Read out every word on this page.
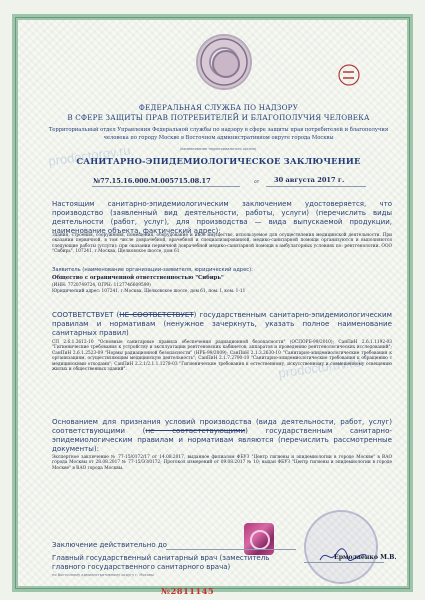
ФЕДЕРАЛЬНАЯ СЛУЖБА ПО НАДЗОРУ
В СФЕРЕ ЗАЩИТЫ ПРАВ ПОТРЕБИТЕЛЕЙ И БЛАГОПОЛУЧИЯ ЧЕЛОВЕКА
Территориальный отдел Управления Федеральной службы по надзору в сфере защиты прав потребителей и благополучия человека по городу Москве в Восточном административном округе города Москвы
(наименование территориального органа)
САНИТАРНО-ЭПИДЕМИОЛОГИЧЕСКОЕ ЗАКЛЮЧЕНИЕ
№77.15.16.000.М.005715.08.17	от 30 августа 2017 г.
prodoctorov.ru
prodoctorov.ru
Настоящим санитарно-эпидемиологическим заключением удостоверяется, что производство (заявленный вид деятельности, работы, услуги) (перечислить виды деятельности (работ, услуг), для производства — вида выпускаемой продукции, наименование объекта, фактический адрес):
Здания, строения, сооружения, помещения, оборудование и иное имущество, используемое для осуществления медицинской деятельности. При оказании первичной, в том числе доврачебной, врачебной и специализированной, медико-санитарной помощи организуются и выполняются следующие работы (услуги): при оказании первичной доврачебной медико-санитарной помощи в амбулаторных условиях по: рентгенологии. ООО "Сибирь", 107241, г.Москва, Щелковское шоссе, дом 61
Заявитель (наименование организации-заявителя, юридический адрес):
Общество с ограниченной ответственностью "Сибирь"
(ИНН: 7720749724, ОГРН: 1127746609599)
Юридический адрес: 107241, г.Москва, Щелковское шоссе, дом 61, пом. I, ком. 1-11
СООТВЕТСТВУЕТ (НЕ СООТВЕТСТВУЕТ) государственным санитарно-эпидемиологическим правилам и нормативам (ненужное зачеркнуть, указать полное наименование санитарных правил)
СП 2.6.1.2612-10 "Основные санитарные правила обеспечения радиационной безопасности" (ОСПОРБ-99/2010); СанПиН 2.6.1.1192-03 "Гигиенические требования к устройству и эксплуатации рентгеновских кабинетов, аппаратов и проведению рентгенологических исследований"; СанПиН 2.6.1.2523-09 "Нормы радиационной безопасности" (НРБ-99/2009); СанПиН 2.1.3.2630-10 "Санитарно-эпидемиологические требования к организациям, осуществляющим медицинскую деятельность"; СанПиН 2.1.7.2790-10 "Санитарно-эпидемиологические требования к обращению с медицинскими отходами"; СанПиН 2.2.1/2.1.1.1278-03 "Гигиенические требования к естественному, искусственному и совмещенному освещению жилых и общественных зданий".
Основанием для признания условий производства (вида деятельности, работ, услуг) соответствующими (не соответствующими) государственным санитарно-эпидемиологическим правилам и нормативам являются (перечислить рассмотренные документы):
Экспертное заключение № 77-15/0172/17 от 14.08.2017, выданное филиалом ФБУЗ "Центр гигиены и эпидемиологии в городе Москве" в ВАО города Москвы от 28.08.2017 № 77-15/ЭЗ/0172; Протокол измерений от 09.08.2017 № 10; выдан ФБУЗ "Центр гигиены и эпидемиологии в городе Москве" в ВАО города Москвы.
Заключение действительно до
Главный государственный санитарный врач (заместитель главного государственного санитарного врача)
Ермолаенко М.В.
по Восточному административному округу г. Москвы
№2811145
